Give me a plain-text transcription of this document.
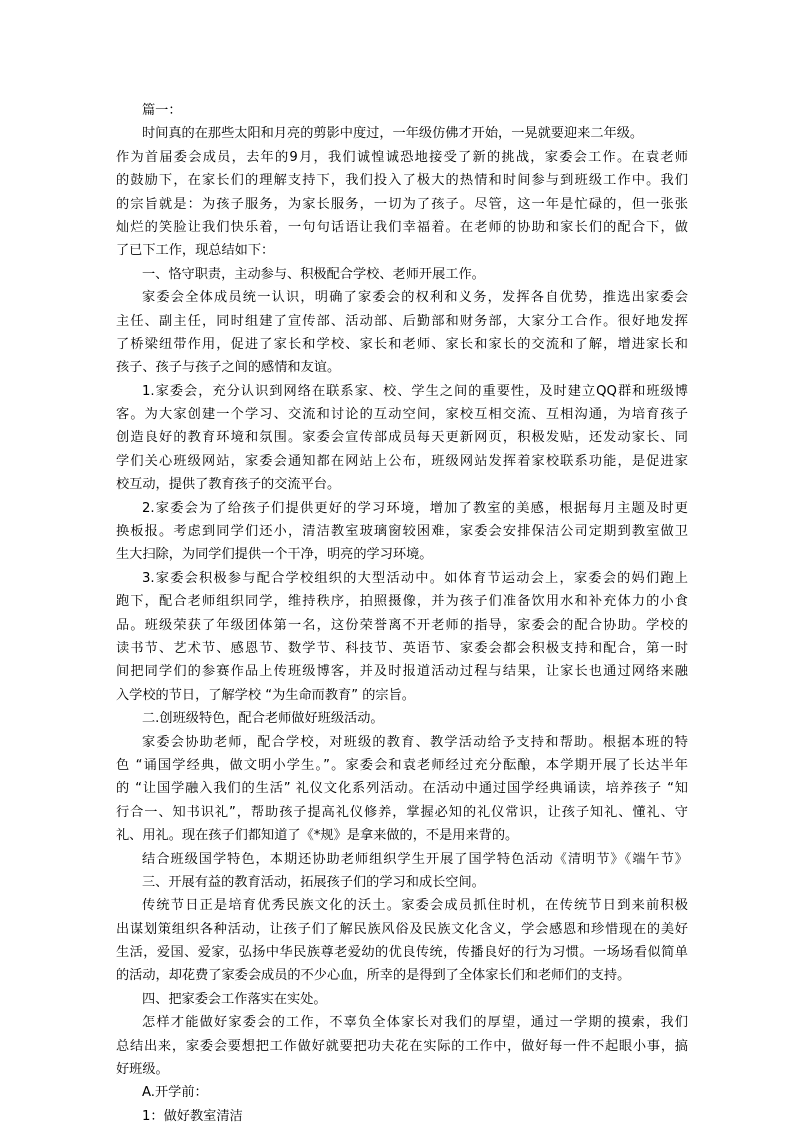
篇一：
时间真的在那些太阳和月亮的剪影中度过，一年级仿佛才开始，一晃就要迎来二年级。
作为首届委会成员，去年的9月，我们诚惶诚恐地接受了新的挑战，家委会工作。在袁老师
的鼓励下，在家长们的理解支持下，我们投入了极大的热情和时间参与到班级工作中。我们
的宗旨就是：为孩子服务，为家长服务，一切为了孩子。尽管，这一年是忙碌的，但一张张
灿烂的笑脸让我们快乐着，一句句话语让我们幸福着。在老师的协助和家长们的配合下，做
了已下工作，现总结如下：
一、恪守职责，主动参与、积极配合学校、老师开展工作。
家委会全体成员统一认识，明确了家委会的权利和义务，发挥各自优势，推选出家委会
主任、副主任，同时组建了宣传部、活动部、后勤部和财务部，大家分工合作。很好地发挥
了桥梁纽带作用，促进了家长和学校、家长和老师、家长和家长的交流和了解，增进家长和
孩子、孩子与孩子之间的感情和友谊。
1.家委会，充分认识到网络在联系家、校、学生之间的重要性，及时建立QQ群和班级博
客。为大家创建一个学习、交流和讨论的互动空间，家校互相交流、互相沟通，为培育孩子
创造良好的教育环境和氛围。家委会宣传部成员每天更新网页，积极发贴，还发动家长、同
学们关心班级网站，家委会通知都在网站上公布，班级网站发挥着家校联系功能，是促进家
校互动，提供了教育孩子的交流平台。
2.家委会为了给孩子们提供更好的学习环境，增加了教室的美感，根据每月主题及时更
换板报。考虑到同学们还小，清洁教室玻璃窗较困难，家委会安排保洁公司定期到教室做卫
生大扫除，为同学们提供一个干净，明亮的学习环境。
3.家委会积极参与配合学校组织的大型活动中。如体育节运动会上，家委会的妈们跑上
跑下，配合老师组织同学，维持秩序，拍照摄像，并为孩子们准备饮用水和补充体力的小食
品。班级荣获了年级团体第一名，这份荣誉离不开老师的指导，家委会的配合协助。学校的
读书节、艺术节、感恩节、数学节、科技节、英语节、家委会都会积极支持和配合，第一时
间把同学们的参赛作品上传班级博客，并及时报道活动过程与结果，让家长也通过网络来融
入学校的节日，了解学校 “为生命而教育” 的宗旨。
二.创班级特色，配合老师做好班级活动。
家委会协助老师，配合学校，对班级的教育、教学活动给予支持和帮助。根据本班的特
色 “诵国学经典，做文明小学生。”。家委会和袁老师经过充分酝酿，本学期开展了长达半年
的 “让国学融入我们的生活” 礼仪文化系列活动。在活动中通过国学经典诵读，培养孩子 “知
行合一、知书识礼”，帮助孩子提高礼仪修养，掌握必知的礼仪常识，让孩子知礼、懂礼、守
礼、用礼。现在孩子们都知道了《*规》是拿来做的，不是用来背的。
结合班级国学特色，本期还协助老师组织学生开展了国学特色活动《清明节》《端午节》
三、开展有益的教育活动，拓展孩子们的学习和成长空间。
传统节日正是培育优秀民族文化的沃土。家委会成员抓住时机，在传统节日到来前积极
出谋划策组织各种活动，让孩子们了解民族风俗及民族文化含义，学会感恩和珍惜现在的美好
生活，爱国、爱家，弘扬中华民族尊老爱幼的优良传统，传播良好的行为习惯。一场场看似简单
的活动，却花费了家委会成员的不少心血，所幸的是得到了全体家长们和老师们的支持。
四、把家委会工作落实在实处。
怎样才能做好家委会的工作，不辜负全体家长对我们的厚望，通过一学期的摸索，我们
总结出来，家委会要想把工作做好就要把功夫花在实际的工作中，做好每一件不起眼小事，搞
好班级。
A.开学前：
1：做好教室清洁
